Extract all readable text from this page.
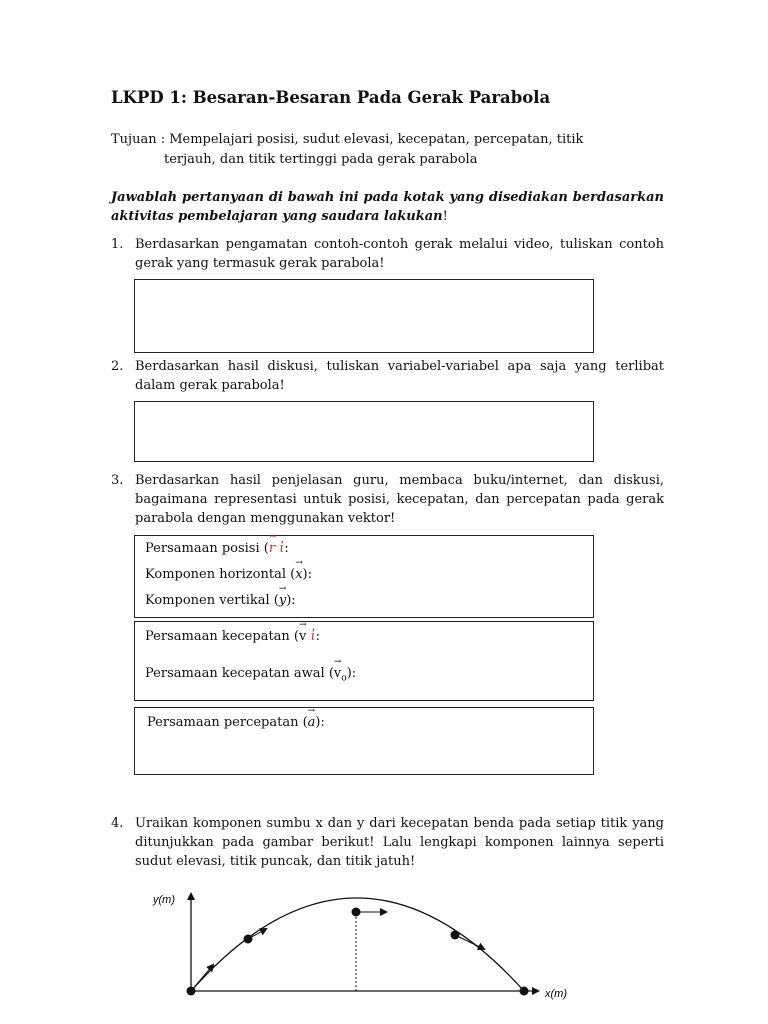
LKPD 1: Besaran-Besaran Pada Gerak Parabola
Tujuan : Mempelajari posisi, sudut elevasi, kecepatan, percepatan, titik
terjauh, dan titik tertinggi pada gerak parabola
Jawablah pertanyaan di bawah ini pada kotak yang disediakan berdasarkan aktivitas pembelajaran yang saudara lakukan!
1. Berdasarkan pengamatan contoh-contoh gerak melalui video, tuliskan contoh gerak yang termasuk gerak parabola!
2. Berdasarkan hasil diskusi, tuliskan variabel-variabel apa saja yang terlibat dalam gerak parabola!
3. Berdasarkan hasil penjelasan guru, membaca buku/internet, dan diskusi, bagaimana representasi untuk posisi, kecepatan, dan percepatan pada gerak parabola dengan menggunakan vektor!
Persamaan posisi (→ r ἰ:
Komponen horizontal (→ x):
Komponen vertikal (→ y):
Persamaan kecepatan (→ v ἰ:
Persamaan kecepatan awal (→ $v_o$):
Persamaan percepatan (→ a):
4. Uraikan komponen sumbu x dan y dari kecepatan benda pada setiap titik yang ditunjukkan pada gambar berikut! Lalu lengkapi komponen lainnya seperti sudut elevasi, titik puncak, dan titik jatuh!
y(m)
x(m)
